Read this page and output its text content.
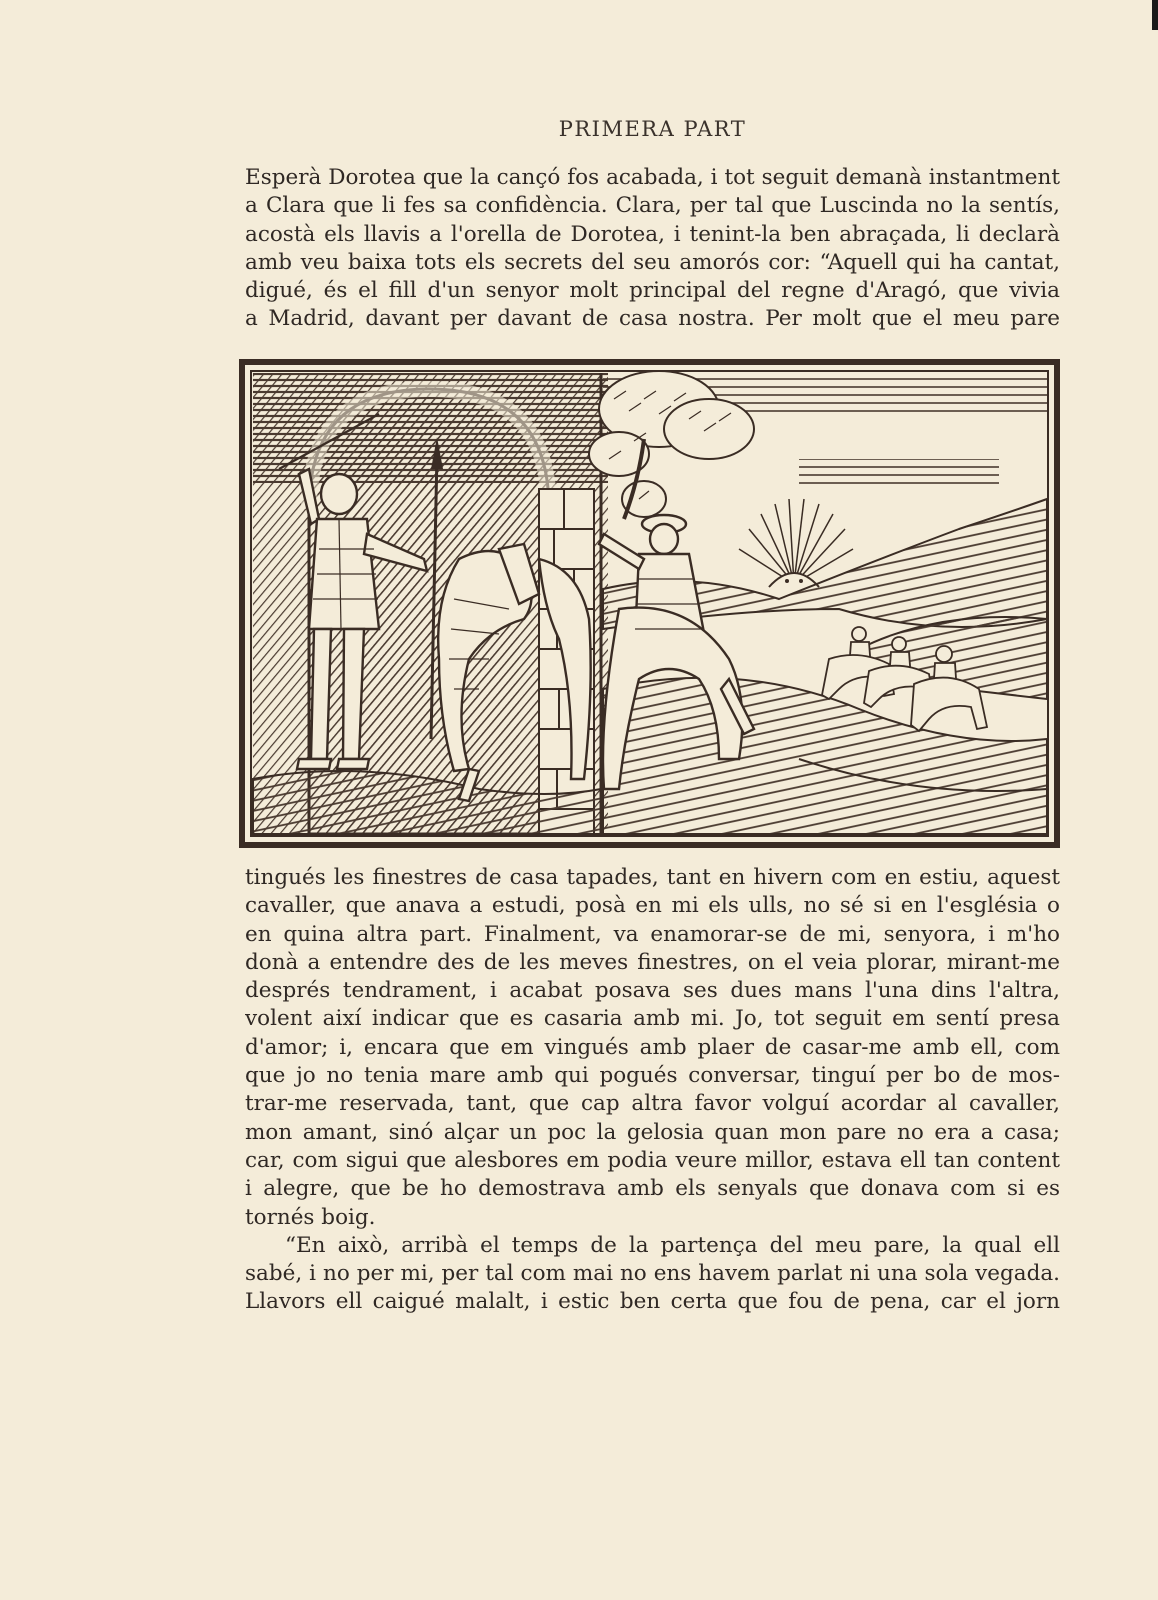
PRIMERA PART
Esperà Dorotea que la cançó fos acabada, i tot seguit demanà instantment
a Clara que li fes sa confidència. Clara, per tal que Luscinda no la sentís,
acostà els llavis a l'orella de Dorotea, i tenint-la ben abraçada, li declarà
amb veu baixa tots els secrets del seu amorós cor: “Aquell qui ha cantat,
digué, és el fill d'un senyor molt principal del regne d'Aragó, que vivia
a Madrid, davant per davant de casa nostra. Per molt que el meu pare
tingués les finestres de casa tapades, tant en hivern com en estiu, aquest
cavaller, que anava a estudi, posà en mi els ulls, no sé si en l'església o
en quina altra part. Finalment, va enamorar-se de mi, senyora, i m'ho
donà a entendre des de les meves finestres, on el veia plorar, mirant-me
després tendrament, i acabat posava ses dues mans l'una dins l'altra,
volent així indicar que es casaria amb mi. Jo, tot seguit em sentí presa
d'amor; i, encara que em vingués amb plaer de casar-me amb ell, com
que jo no tenia mare amb qui pogués conversar, tinguí per bo de mos-
trar-me reservada, tant, que cap altra favor volguí acordar al cavaller,
mon amant, sinó alçar un poc la gelosia quan mon pare no era a casa;
car, com sigui que alesbores em podia veure millor, estava ell tan content
i alegre, que be ho demostrava amb els senyals que donava com si es
tornés boig.
“En això, arribà el temps de la partença del meu pare, la qual ell
sabé, i no per mi, per tal com mai no ens havem parlat ni una sola vegada.
Llavors ell caigué malalt, i estic ben certa que fou de pena, car el jorn
